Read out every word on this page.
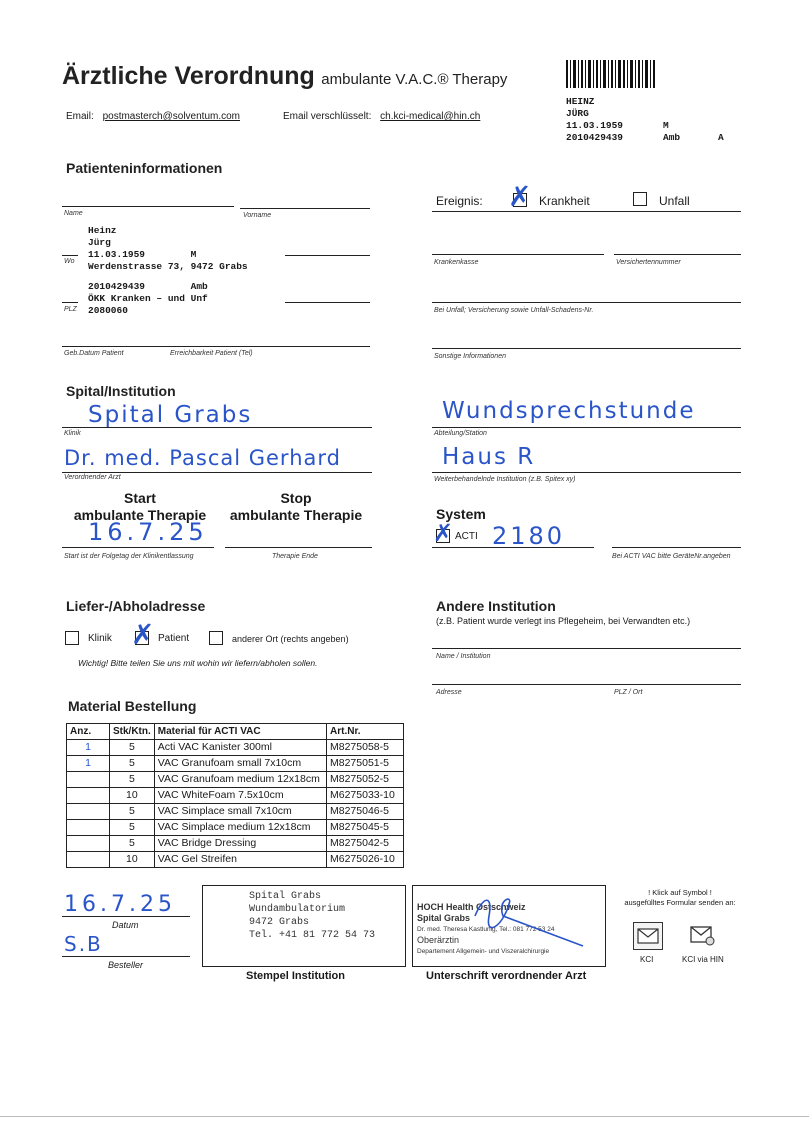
Ärztliche Verordnung ambulante V.A.C.® Therapy
Email: postmasterch@solventum.com	Email verschlüsselt: ch.kci-medical@hin.ch
HEINZ
JÜRG
11.03.1959	M
2010429439	Amb	A
Patienteninformationen
Name	Vorname
Wo
PLZ
Heinz
Jürg
11.03.1959        M
Werdenstrasse 73, 9472 Grabs
2010429439        Amb
ÖKK Kranken – und Unf
2080060
Geb.Datum Patient	Erreichbarkeit Patient (Tel)
Ereignis: ✗ Krankheit	Unfall
Krankenkasse	Versichertennummer
Bei Unfall; Versicherung sowie Unfall-Schadens-Nr.
Sonstige Informationen
Spital/Institution
Spital Grabs
Klinik
Wundsprechstunde
Abteilung/Station
Dr. med. Pascal Gerhard
Verordnender Arzt
Haus R
Weiterbehandelnde Institution (z.B. Spitex xy)
Start
ambulante Therapie
Stop
ambulante Therapie
16.7.25
Start ist der Folgetag der Klinikentlassung	Therapie Ende
System
✗ ACTI 2180
Bei ACTI VAC bitte GeräteNr.angeben
Liefer-/Abholadresse
Klinik ✗ Patient	anderer Ort (rechts angeben)
Wichtig! Bitte teilen Sie uns mit wohin wir liefern/abholen sollen.
Andere Institution
(z.B. Patient wurde verlegt ins Pflegeheim, bei Verwandten etc.)
Name / Institution
Adresse	PLZ / Ort
Material Bestellung
Anz.	Stk/Ktn.	Material für ACTI VAC	Art.Nr.
1	5	Acti VAC Kanister 300ml	M8275058-5
1	5	VAC Granufoam small 7x10cm	M8275051-5
	5	VAC Granufoam medium 12x18cm	M8275052-5
	10	VAC WhiteFoam 7.5x10cm	M6275033-10
	5	VAC Simplace small 7x10cm	M8275046-5
	5	VAC Simplace medium 12x18cm	M8275045-5
	5	VAC Bridge Dressing	M8275042-5
	10	VAC Gel Streifen	M6275026-10
16.7.25
Datum
S.B
Besteller
Spital Grabs
Wundambulatorium
9472 Grabs
Tel. +41 81 772 54 73
Stempel Institution
HOCH Health Ostschweiz
Spital Grabs
Dr. med. Theresa Kastlunig, Tel.: 081 772 53 24
Oberärztin
Departement Allgemein- und Viszeralchirurgie
Unterschrift verordnender Arzt
! Klick auf Symbol !
ausgefülltes Formular senden an:
KCI	KCI via HIN
